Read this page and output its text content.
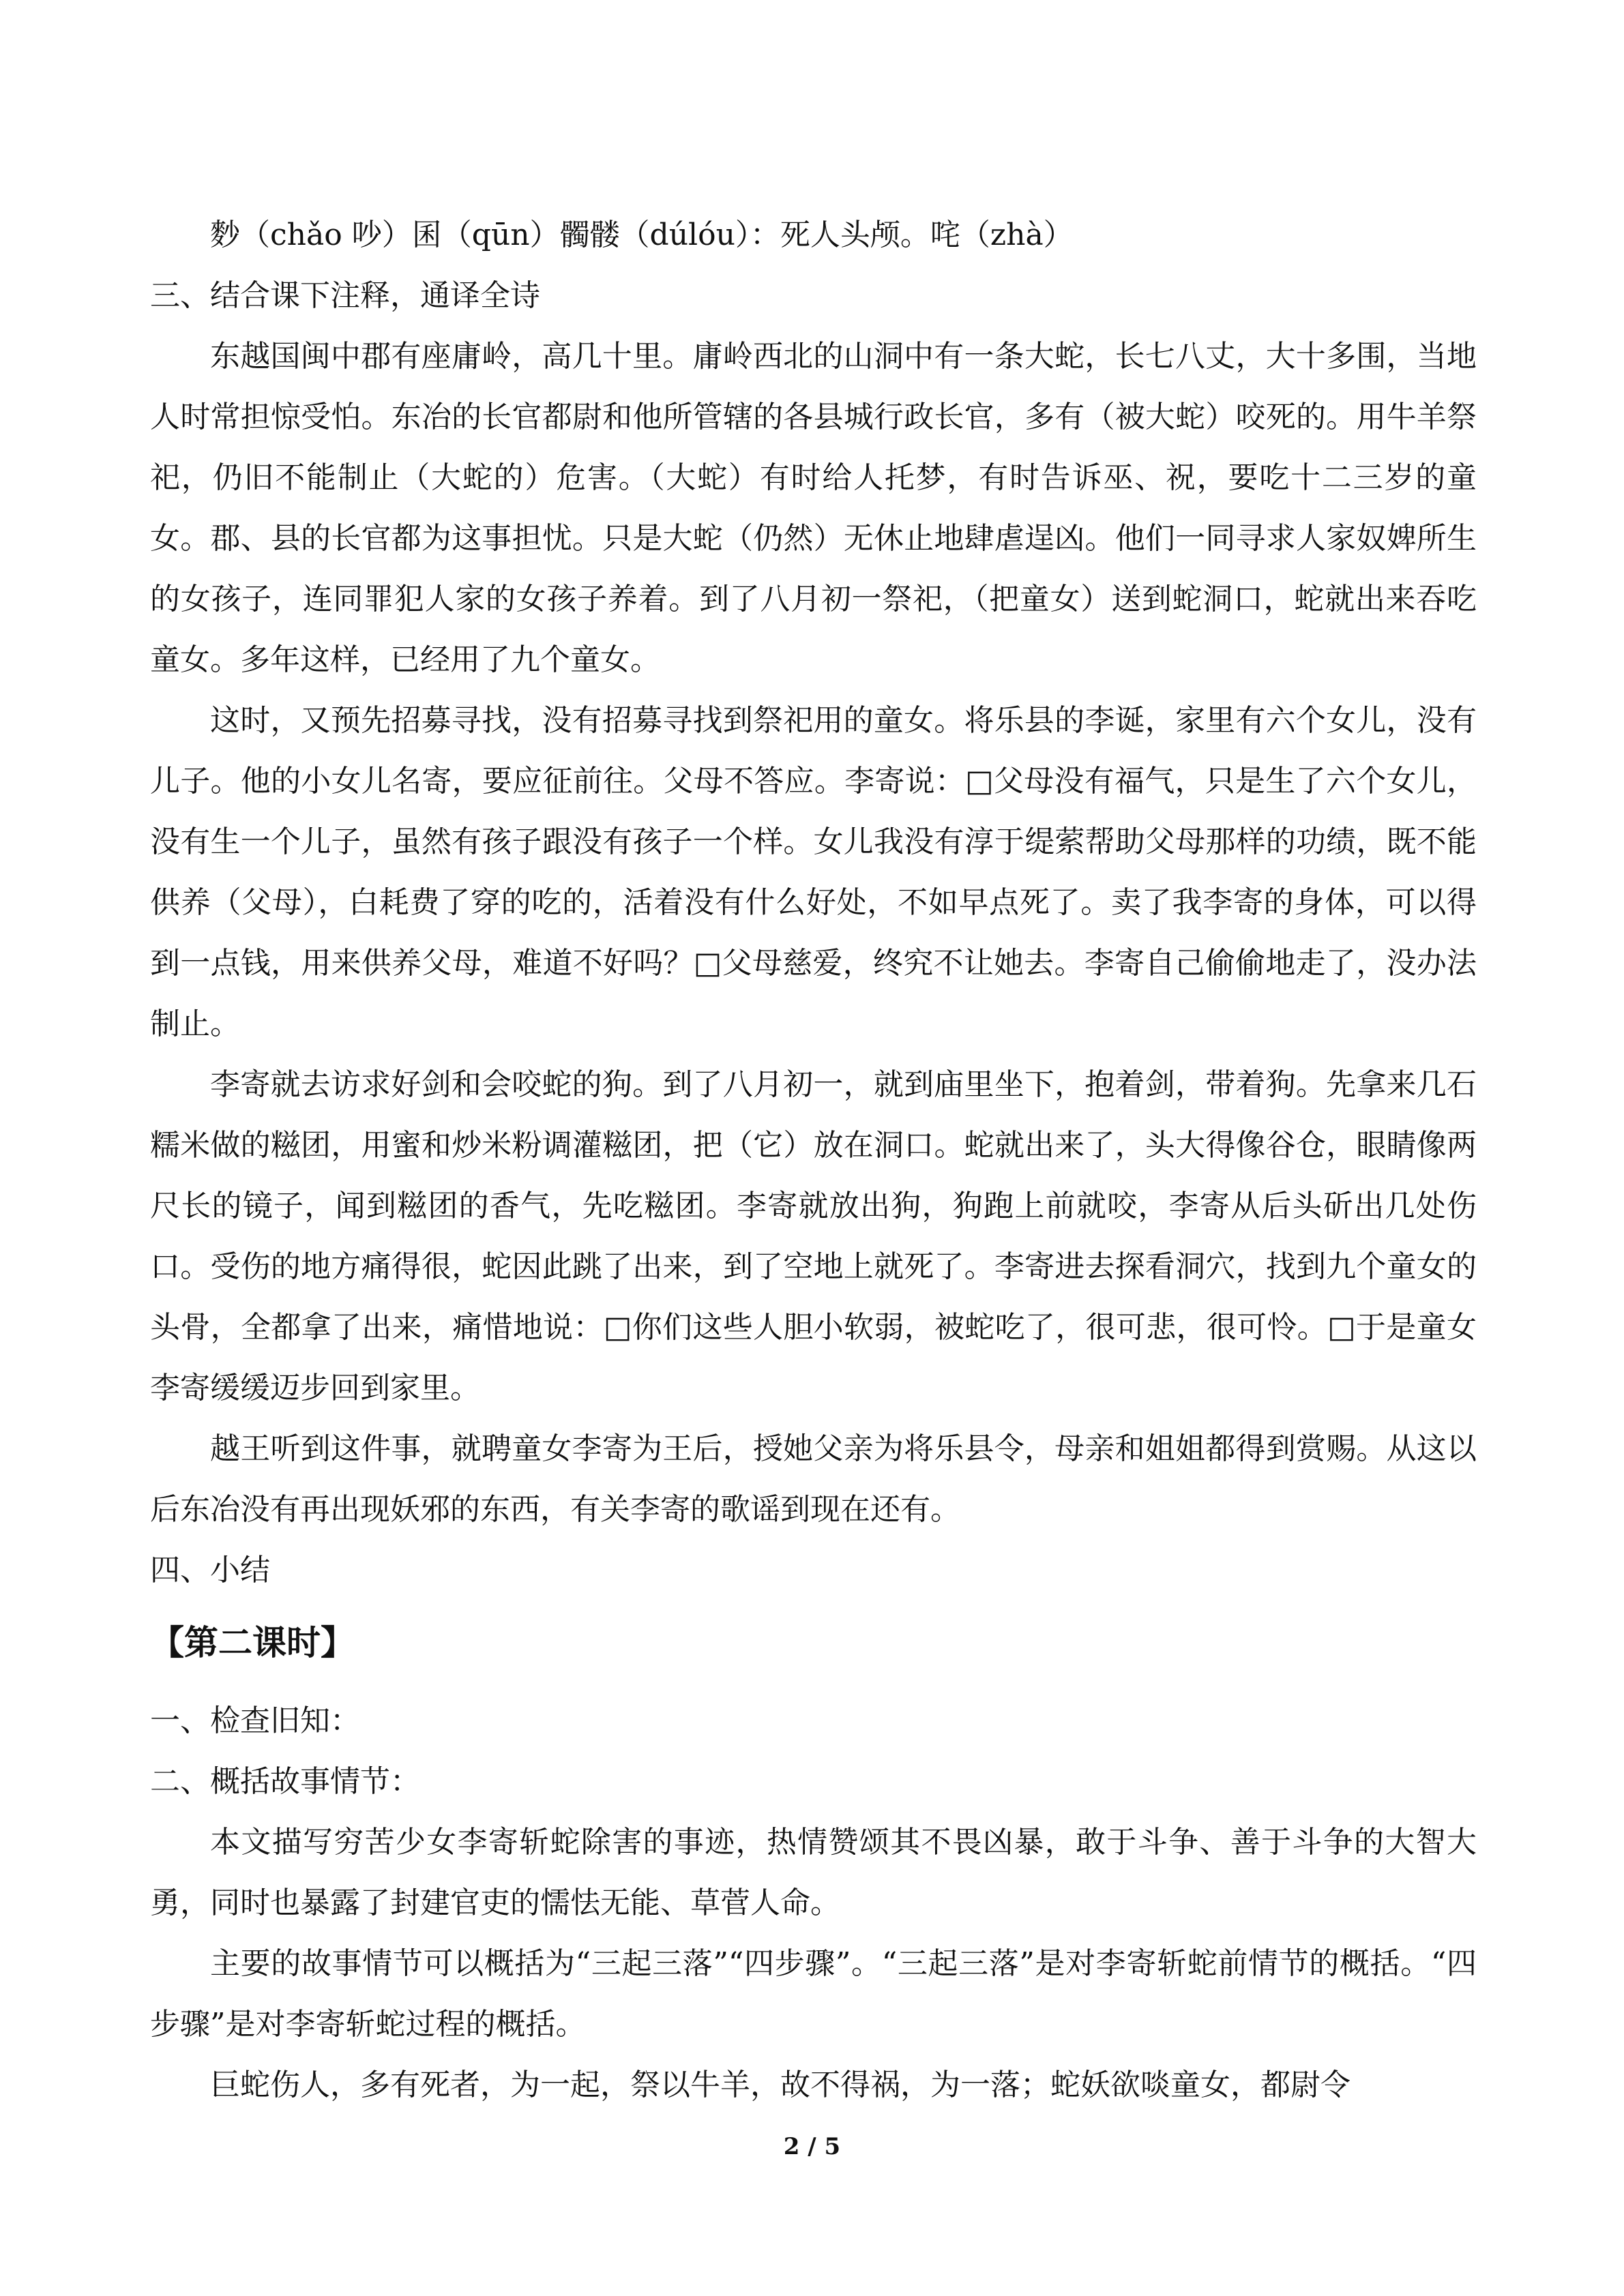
麨（chǎo 吵）囷（qūn）髑髅（dúlóu）：死人头颅。咤（zhà）

三、结合课下注释，通译全诗

东越国闽中郡有座庸岭，高几十里。庸岭西北的山洞中有一条大蛇，长七八丈，大十多围，当地人时常担惊受怕。东冶的长官都尉和他所管辖的各县城行政长官，多有（被大蛇）咬死的。用牛羊祭祀，仍旧不能制止（大蛇的）危害。（大蛇）有时给人托梦，有时告诉巫、祝，要吃十二三岁的童女。郡、县的长官都为这事担忧。只是大蛇（仍然）无休止地肆虐逞凶。他们一同寻求人家奴婢所生的女孩子，连同罪犯人家的女孩子养着。到了八月初一祭祀，（把童女）送到蛇洞口，蛇就出来吞吃童女。多年这样，已经用了九个童女。

这时，又预先招募寻找，没有招募寻找到祭祀用的童女。将乐县的李诞，家里有六个女儿，没有儿子。他的小女儿名寄，要应征前往。父母不答应。李寄说：□父母没有福气，只是生了六个女儿，没有生一个儿子，虽然有孩子跟没有孩子一个样。女儿我没有淳于缇萦帮助父母那样的功绩，既不能供养（父母），白耗费了穿的吃的，活着没有什么好处，不如早点死了。卖了我李寄的身体，可以得到一点钱，用来供养父母，难道不好吗？□父母慈爱，终究不让她去。李寄自己偷偷地走了，没办法制止。

李寄就去访求好剑和会咬蛇的狗。到了八月初一，就到庙里坐下，抱着剑，带着狗。先拿来几石糯米做的糍团，用蜜和炒米粉调灌糍团，把（它）放在洞口。蛇就出来了，头大得像谷仓，眼睛像两尺长的镜子，闻到糍团的香气，先吃糍团。李寄就放出狗，狗跑上前就咬，李寄从后头斫出几处伤口。受伤的地方痛得很，蛇因此跳了出来，到了空地上就死了。李寄进去探看洞穴，找到九个童女的头骨，全都拿了出来，痛惜地说：□你们这些人胆小软弱，被蛇吃了，很可悲，很可怜。□于是童女李寄缓缓迈步回到家里。

越王听到这件事，就聘童女李寄为王后，授她父亲为将乐县令，母亲和姐姐都得到赏赐。从这以后东冶没有再出现妖邪的东西，有关李寄的歌谣到现在还有。

四、小结

【第二课时】

一、检查旧知：

二、概括故事情节：

本文描写穷苦少女李寄斩蛇除害的事迹，热情赞颂其不畏凶暴，敢于斗争、善于斗争的大智大勇，同时也暴露了封建官吏的懦怯无能、草菅人命。

主要的故事情节可以概括为“三起三落”“四步骤”。“三起三落”是对李寄斩蛇前情节的概括。“四步骤”是对李寄斩蛇过程的概括。

巨蛇伤人，多有死者，为一起，祭以牛羊，故不得祸，为一落；蛇妖欲啖童女，都尉令

2 / 5
